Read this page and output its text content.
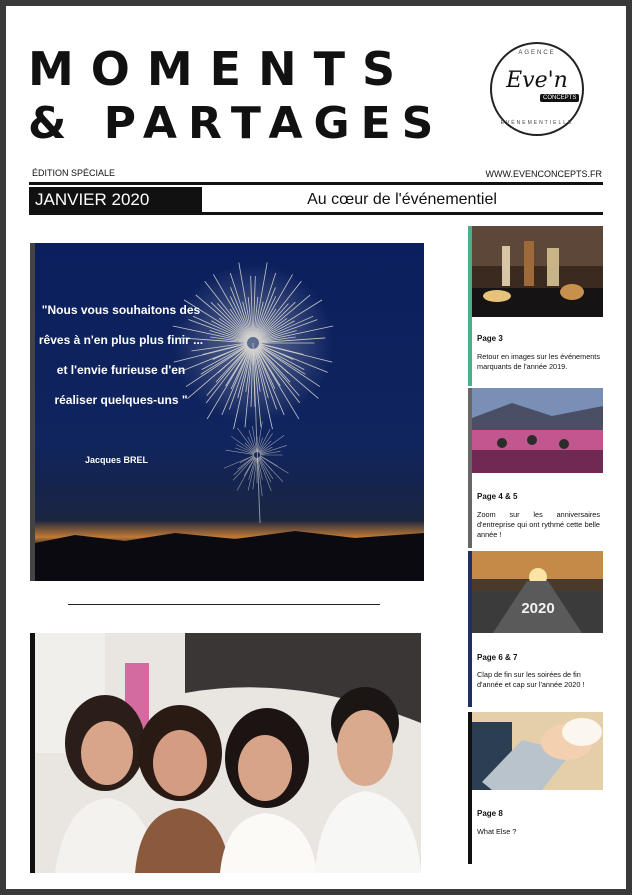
MOMENTS
& PARTAGES
AGENCE
Eve'n
CONCEPTS
ÉVÉNEMENTIELLE
ÉDITION SPÉCIALE	WWW.EVENCONCEPTS.FR
JANVIER 2020	Au cœur de l'événementiel
"Nous vous souhaitons des rêves à n'en plus plus finir ... et l'envie furieuse d'en réaliser quelques-uns "
Jacques BREL
Page 3
Retour en images sur les événements marquants de l'année 2019.
Page 4 & 5
Zoom sur les anniversaires d'entreprise qui ont rythmé cette belle année !
2020
Page 6 & 7
Clap de fin sur les soirées de fin d'année et cap sur l'année 2020 !
Page 8
What Else ?
